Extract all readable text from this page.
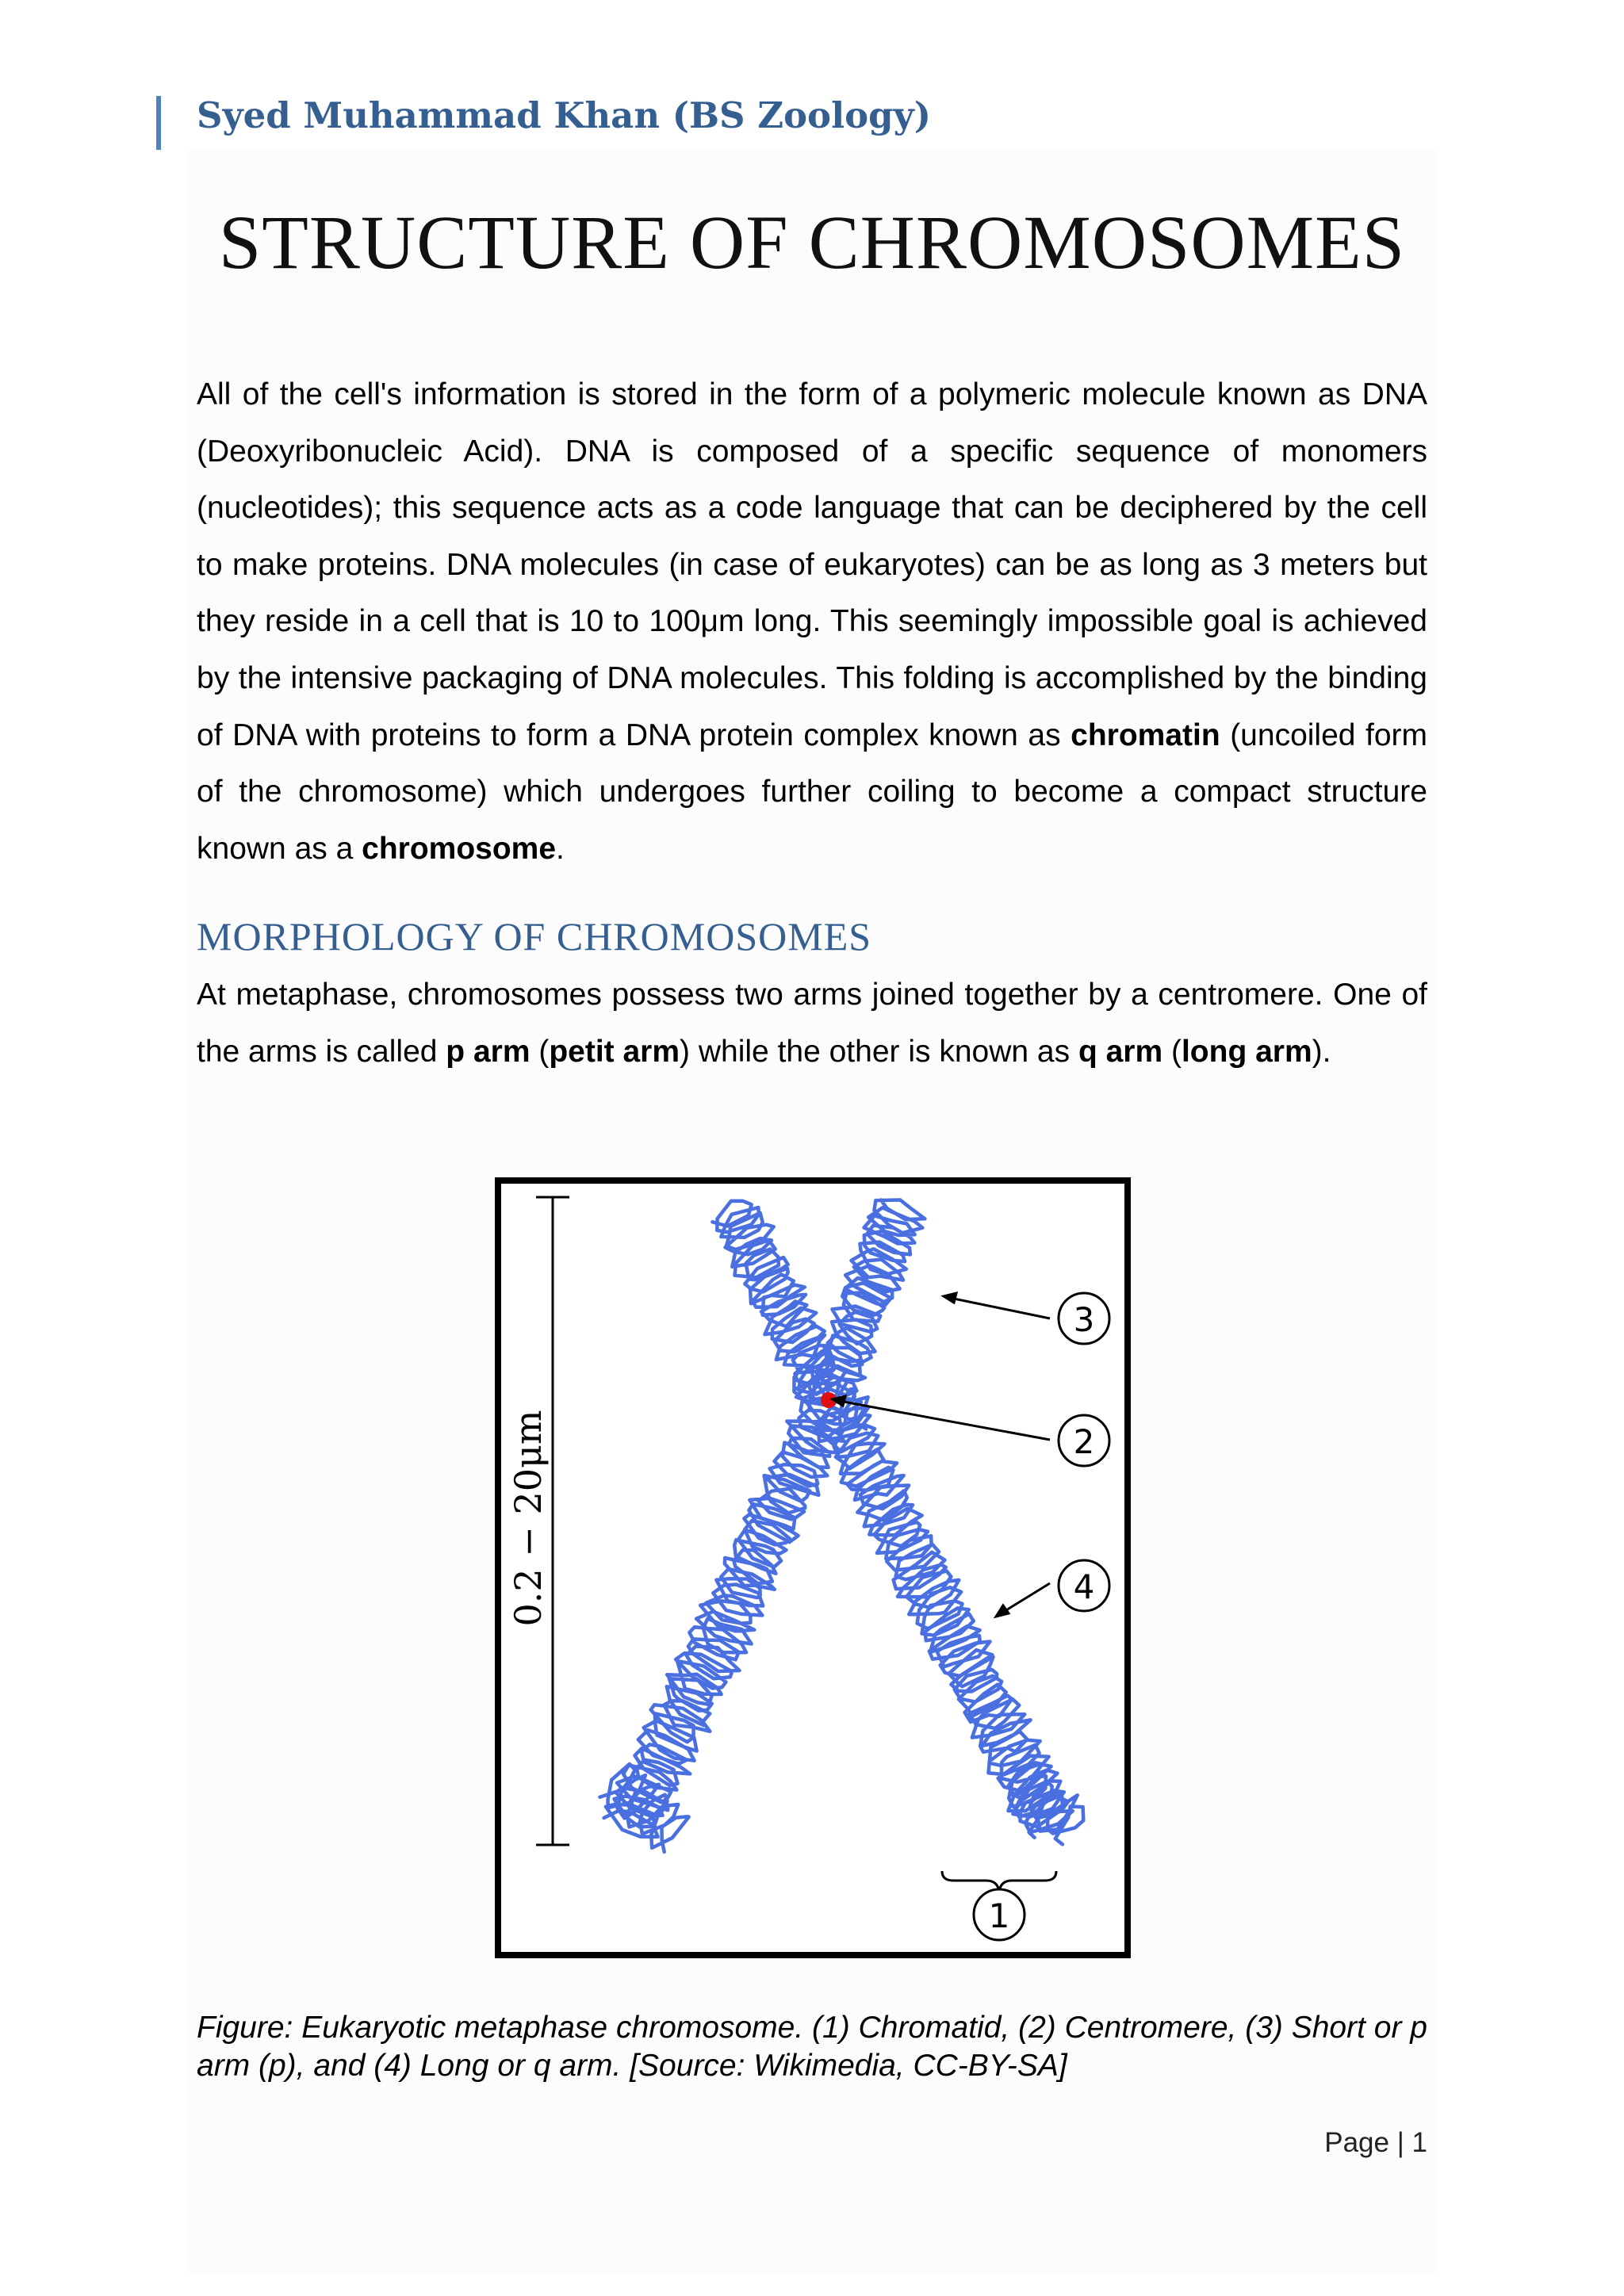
Syed Muhammad Khan (BS Zoology)
STRUCTURE OF CHROMOSOMES
All of the cell's information is stored in the form of a polymeric molecule known as DNA (Deoxyribonucleic Acid). DNA is composed of a specific sequence of monomers (nucleotides); this sequence acts as a code language that can be deciphered by the cell to make proteins. DNA molecules (in case of eukaryotes) can be as long as 3 meters but they reside in a cell that is 10 to 100μm long. This seemingly impossible goal is achieved by the intensive packaging of DNA molecules. This folding is accomplished by the binding of DNA with proteins to form a DNA protein complex known as chromatin (uncoiled form of the chromosome) which undergoes further coiling to become a compact structure known as a chromosome.
MORPHOLOGY OF CHROMOSOMES
At metaphase, chromosomes possess two arms joined together by a centromere. One of the arms is called p arm (petit arm) while the other is known as q arm (long arm).
0.2 − 20μm
3
2
4
1
Figure: Eukaryotic metaphase chromosome. (1) Chromatid, (2) Centromere, (3) Short or p arm (p), and (4) Long or q arm. [Source: Wikimedia, CC-BY-SA]
Page | 1
